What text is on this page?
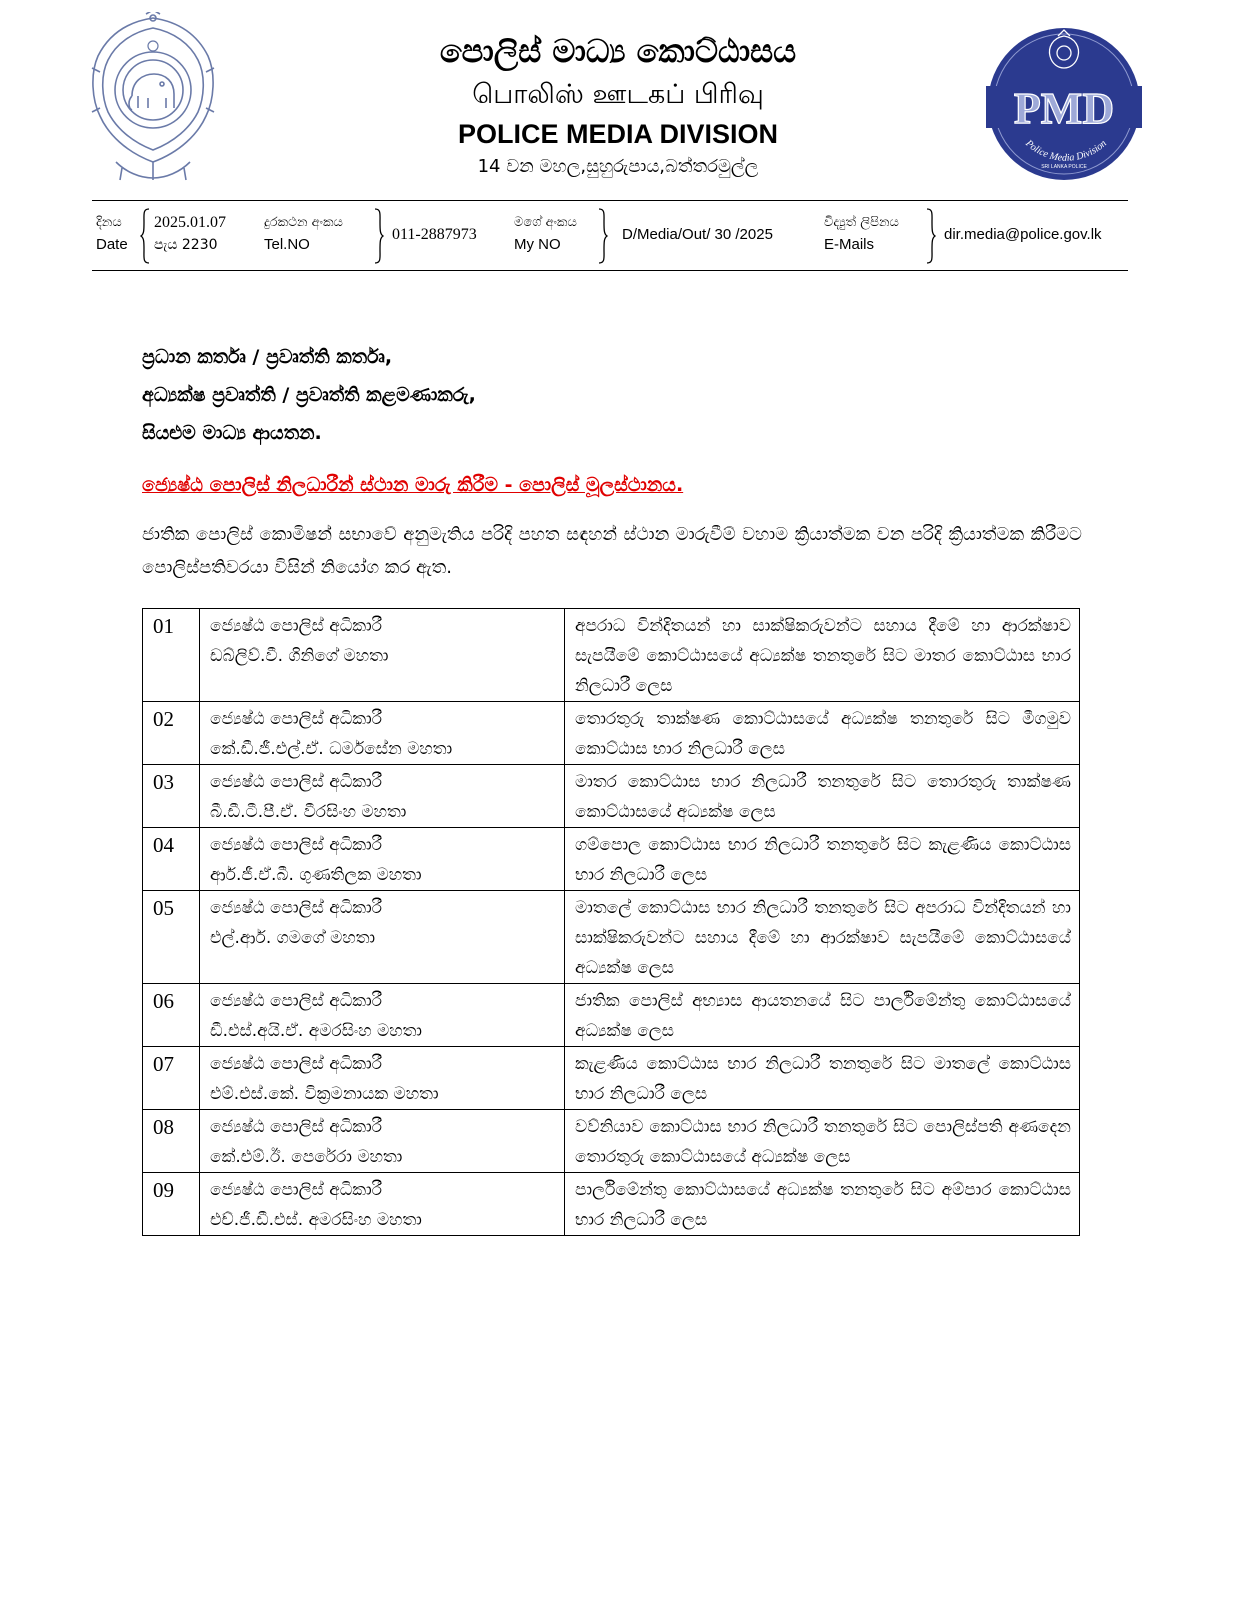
පොලිස් මාධ්‍ය කොට්ඨාසය
பொலிஸ் ஊடகப் பிரிவு
POLICE MEDIA DIVISION
14 වන මහල,සුහුරුපාය,බත්තරමුල්ල
PMD
Police Media Division
SRI LANKA POLICE
දිනය
Date
2025.01.07
පැය 2230
දුරකථන අංකය
Tel.NO
011-2887973
මගේ අංකය
My NO
D/Media/Out/ 30 /2025
විද්‍යුත් ලිපිනය
E-Mails
dir.media@police.gov.lk
ප්‍රධාන කර්තෘ / ප්‍රවෘත්ති කර්තෘ,
අධ්‍යක්ෂ ප්‍රවෘත්ති / ප්‍රවෘත්ති කළමණාකරු,
සියළුම මාධ්‍ය ආයතන.
ජ්‍යෙෂ්ඨ පොලිස් නිලධාරීන් ස්ථාන මාරු කිරීම - පොලිස් මූලස්ථානය.
ජාතික පොලිස් කොමිෂන් සභාවේ අනුමැතිය පරිදි පහත සඳහන් ස්ථාන මාරුවීම් වහාම ක්‍රියාත්මක වන පරිදි ක්‍රියාත්මක කිරීමට පොලිස්පතිවරයා විසින් නියෝග කර ඇත.
01	ජ්‍යෙෂ්ඨ පොලිස් අධිකාරී
ඩබ්ලිව්.වී. ගිනිගේ මහතා	අපරාධ වින්දිතයන් හා සාක්ෂිකරුවන්ට සහාය දීමේ හා ආරක්ෂාව සැපයීමේ කොට්ඨාසයේ අධ්‍යක්ෂ තනතුරේ සිට මාතර කොට්ඨාස භාර නිලධාරී ලෙස
02	ජ්‍යෙෂ්ඨ පොලිස් අධිකාරී
කේ.ඩී.ජී.එල්.ඒ. ධර්මසේන මහතා	තොරතුරු තාක්ෂණ කොට්ඨාසයේ අධ්‍යක්ෂ තනතුරේ සිට මීගමුව කොට්ඨාස භාර නිලධාරී ලෙස
03	ජ්‍යෙෂ්ඨ පොලිස් අධිකාරී
බී.ඩී.ටී.පී.ඒ. වීරසිංහ මහතා	මාතර කොට්ඨාස භාර නිලධාරී තනතුරේ සිට තොරතුරු තාක්ෂණ කොට්ඨාසයේ අධ්‍යක්ෂ ලෙස
04	ජ්‍යෙෂ්ඨ පොලිස් අධිකාරී
ආර්.ජී.ඒ.බී. ගුණතිලක මහතා	ගම්පොල කොට්ඨාස භාර නිලධාරී තනතුරේ සිට කැළණිය කොට්ඨාස භාර නිලධාරී ලෙස
05	ජ්‍යෙෂ්ඨ පොලිස් අධිකාරී
එල්.ආර්. ගමගේ මහතා	මාතලේ කොට්ඨාස භාර නිලධාරී තනතුරේ සිට අපරාධ වින්දිතයන් හා සාක්ෂිකරුවන්ට සහාය දීමේ හා ආරක්ෂාව සැපයීමේ කොට්ඨාසයේ අධ්‍යක්ෂ ලෙස
06	ජ්‍යෙෂ්ඨ පොලිස් අධිකාරී
ඩී.එස්.අයි.ඒ. අමරසිංහ මහතා	ජාතික පොලිස් අභ්‍යාස ආයතනයේ සිට පාර්ලිමේන්තු කොට්ඨාසයේ අධ්‍යක්ෂ ලෙස
07	ජ්‍යෙෂ්ඨ පොලිස් අධිකාරී
එම්.එස්.කේ. වික්‍රමනායක මහතා	කැළණිය කොට්ඨාස භාර නිලධාරී තනතුරේ සිට මාතලේ කොට්ඨාස භාර නිලධාරී ලෙස
08	ජ්‍යෙෂ්ඨ පොලිස් අධිකාරී
කේ.එම්.ඊ. පෙරේරා මහතා	වව්නියාව කොට්ඨාස භාර නිලධාරී තනතුරේ සිට පොලිස්පති අණදෙන තොරතුරු කොට්ඨාසයේ අධ්‍යක්ෂ ලෙස
09	ජ්‍යෙෂ්ඨ පොලිස් අධිකාරී
එච්.ජී.ඩී.එස්. අමරසිංහ මහතා	පාර්ලිමේන්තු කොට්ඨාසයේ අධ්‍යක්ෂ තනතුරේ සිට අම්පාර කොට්ඨාස භාර නිලධාරී ලෙස
